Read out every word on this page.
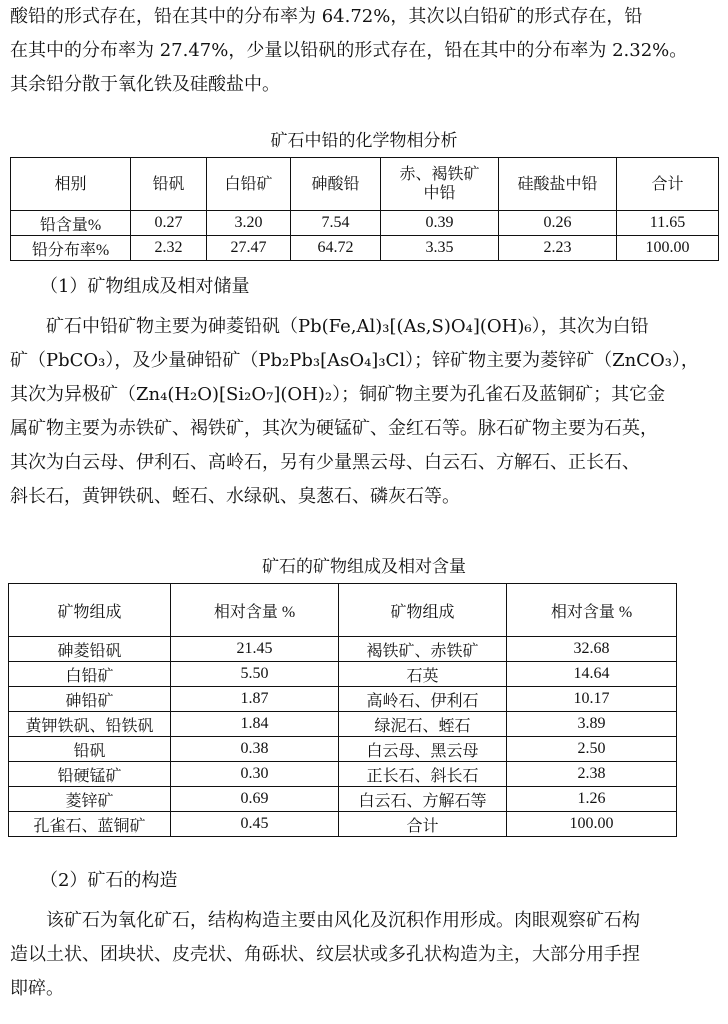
酸铅的形式存在，铅在其中的分布率为 64.72%，其次以白铅矿的形式存在，铅
在其中的分布率为 27.47%，少量以铅矾的形式存在，铅在其中的分布率为 2.32%。
其余铅分散于氧化铁及硅酸盐中。

矿石中铅的化学物相分析

相别	铅矾	白铅矿	砷酸铅	赤、褐铁矿中铅	硅酸盐中铅	合计
铅含量%	0.27	3.20	7.54	0.39	0.26	11.65
铅分布率%	2.32	27.47	64.72	3.35	2.23	100.00

（1）矿物组成及相对储量

矿石中铅矿物主要为砷菱铅矾（Pb(Fe,Al)₃[(As,S)O₄](OH)₆），其次为白铅
矿（PbCO₃），及少量砷铅矿（Pb₂Pb₃[AsO₄]₃Cl）；锌矿物主要为菱锌矿（ZnCO₃），
其次为异极矿（Zn₄(H₂O)[Si₂O₇](OH)₂）；铜矿物主要为孔雀石及蓝铜矿；其它金
属矿物主要为赤铁矿、褐铁矿，其次为硬锰矿、金红石等。脉石矿物主要为石英，
其次为白云母、伊利石、高岭石，另有少量黑云母、白云石、方解石、正长石、
斜长石，黄钾铁矾、蛭石、水绿矾、臭葱石、磷灰石等。

矿石的矿物组成及相对含量

矿物组成	相对含量 %	矿物组成	相对含量 %
砷菱铅矾	21.45	褐铁矿、赤铁矿	32.68
白铅矿	5.50	石英	14.64
砷铅矿	1.87	高岭石、伊利石	10.17
黄钾铁矾、铅铁矾	1.84	绿泥石、蛭石	3.89
铅矾	0.38	白云母、黑云母	2.50
铅硬锰矿	0.30	正长石、斜长石	2.38
菱锌矿	0.69	白云石、方解石等	1.26
孔雀石、蓝铜矿	0.45	合计	100.00

（2）矿石的构造

该矿石为氧化矿石，结构构造主要由风化及沉积作用形成。肉眼观察矿石构
造以土状、团块状、皮壳状、角砾状、纹层状或多孔状构造为主，大部分用手捏
即碎。
